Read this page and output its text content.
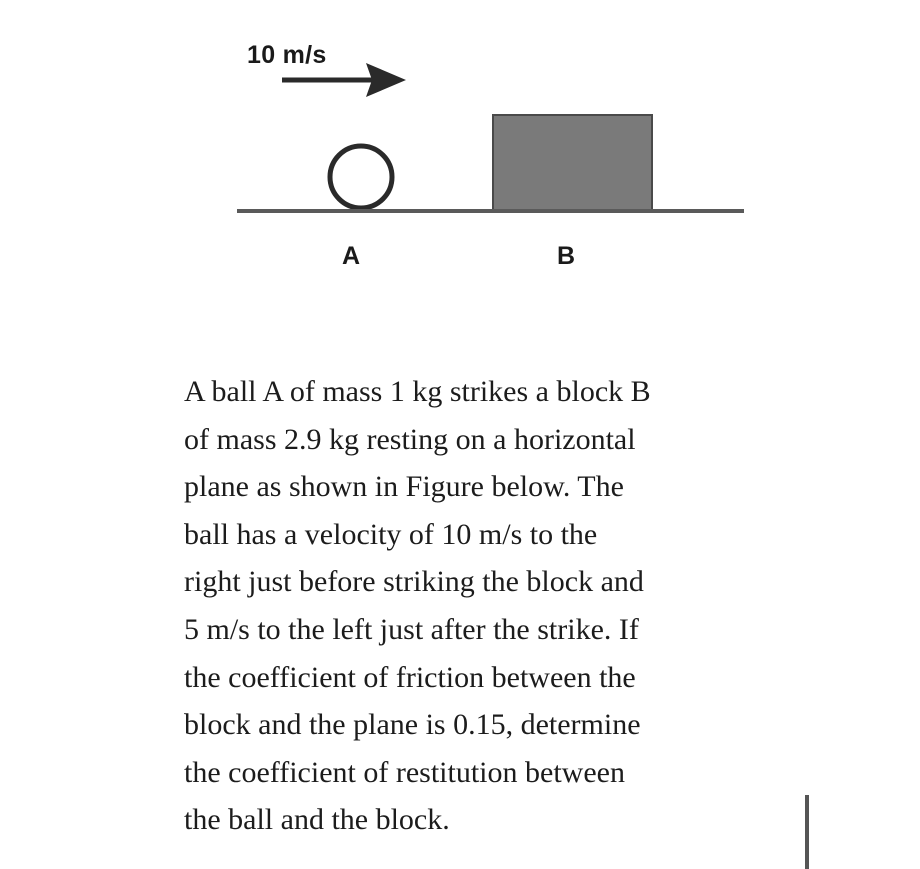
10 m/s
A	B

A ball A of mass 1 kg strikes a block B
of mass 2.9 kg resting on a horizontal
plane as shown in Figure below. The
ball has a velocity of 10 m/s to the
right just before striking the block and
5 m/s to the left just after the strike. If
the coefficient of friction between the
block and the plane is 0.15, determine
the coefficient of restitution between
the ball and the block.
